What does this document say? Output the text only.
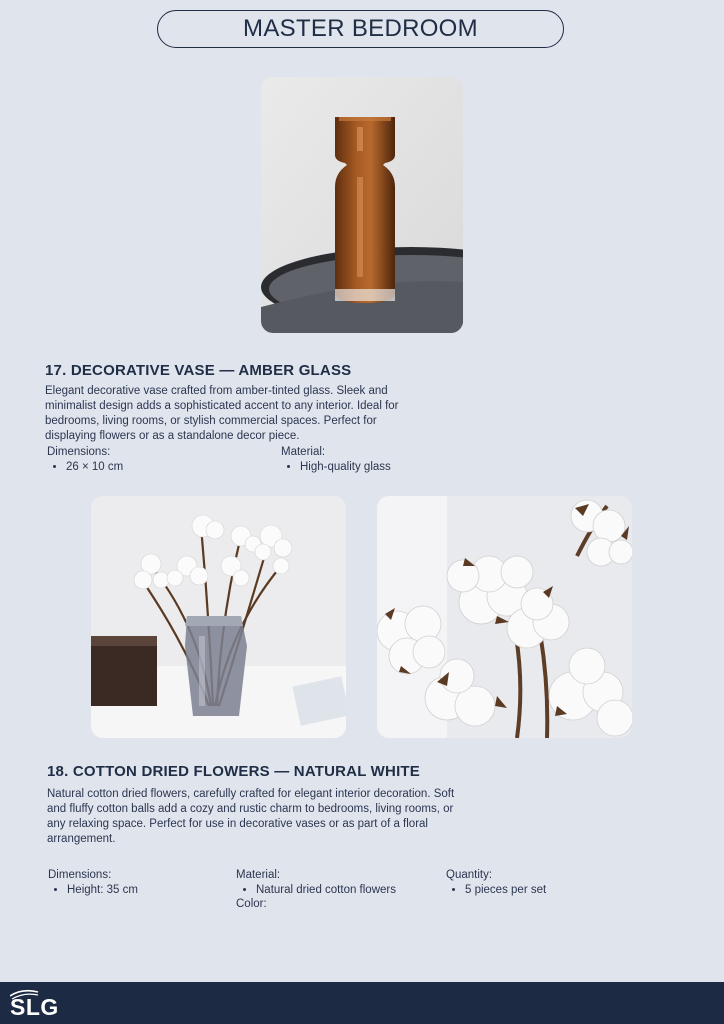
MASTER BEDROOM
17. DECORATIVE VASE — AMBER GLASS
Elegant decorative vase crafted from amber-tinted glass. Sleek and minimalist design adds a sophisticated accent to any interior. Ideal for bedrooms, living rooms, or stylish commercial spaces. Perfect for displaying flowers or as a standalone decor piece.
Dimensions:
• 26 × 10 cm
Material:
• High-quality glass
18. COTTON DRIED FLOWERS — NATURAL WHITE
Natural cotton dried flowers, carefully crafted for elegant interior decoration. Soft and fluffy cotton balls add a cozy and rustic charm to bedrooms, living rooms, or any relaxing space. Perfect for use in decorative vases or as part of a floral arrangement.
Dimensions:
• Height: 35 cm
Material:
• Natural dried cotton flowers
Color:
Quantity:
• 5 pieces per set
SLG
